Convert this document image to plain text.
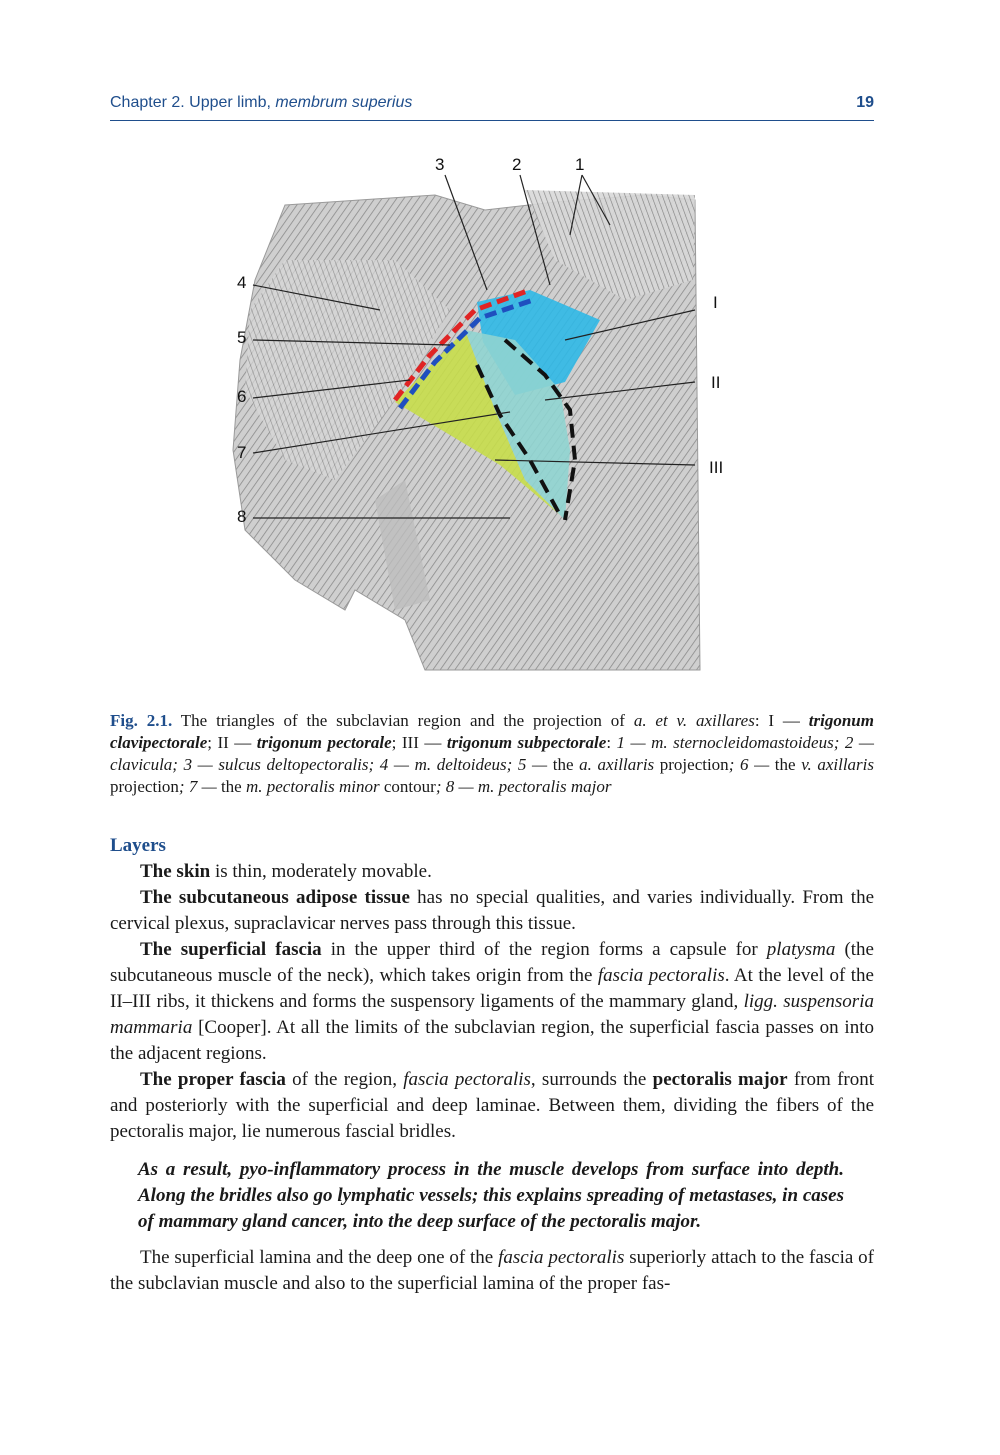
Chapter 2. Upper limb, membrum superius	19
4
5
6
7
8
3	2	1
I
II
III
Fig. 2.1. The triangles of the subclavian region and the projection of a. et v. axillares: I — trigonum clavipectorale; II — trigonum pectorale; III — trigonum subpectorale: 1 — m. sternocleidomastoideus; 2 — clavicula; 3 — sulcus deltopectoralis; 4 — m. deltoideus; 5 — the a. axillaris projection; 6 — the v. axillaris projection; 7 — the m. pectoralis minor contour; 8 — m. pectoralis major
Layers

The skin is thin, moderately movable.

The subcutaneous adipose tissue has no special qualities, and varies individually. From the cervical plexus, supraclavicar nerves pass through this tissue.

The superficial fascia in the upper third of the region forms a capsule for platysma (the subcutaneous muscle of the neck), which takes origin from the fascia pectoralis. At the level of the II–III ribs, it thickens and forms the suspensory ligaments of the mammary gland, ligg. suspensoria mammaria [Cooper]. At all the limits of the subclavian region, the superficial fascia passes on into the adjacent regions.

The proper fascia of the region, fascia pectoralis, surrounds the pectoralis major from front and posteriorly with the superficial and deep laminae. Between them, dividing the fibers of the pectoralis major, lie numerous fascial bridles.

As a result, pyo-inflammatory process in the muscle develops from surface into depth. Along the bridles also go lymphatic vessels; this explains spreading of metastases, in cases of mammary gland cancer, into the deep surface of the pectoralis major.

The superficial lamina and the deep one of the fascia pectoralis superiorly attach to the fascia of the subclavian muscle and also to the superficial lamina of the proper fas-
